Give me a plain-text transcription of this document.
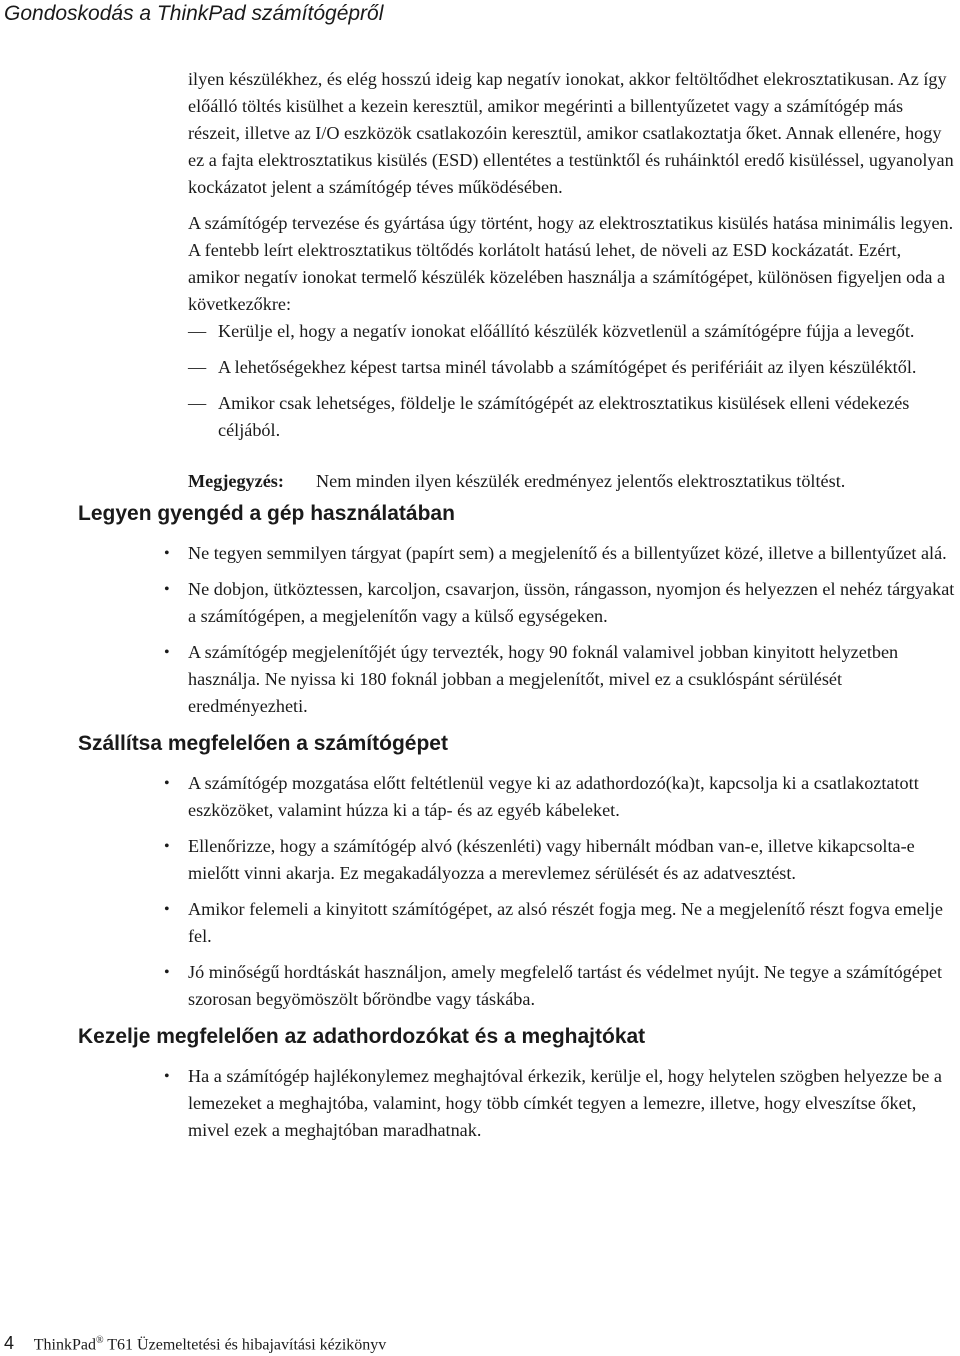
Gondoskodás a ThinkPad számítógépről

ilyen készülékhez, és elég hosszú ideig kap negatív ionokat, akkor feltöltődhet elekrosztatikusan. Az így előálló töltés kisülhet a kezein keresztül, amikor megérinti a billentyűzetet vagy a számítógép más részeit, illetve az I/O eszközök csatlakozóin keresztül, amikor csatlakoztatja őket. Annak ellenére, hogy ez a fajta elektrosztatikus kisülés (ESD) ellentétes a testünktől és ruháinktól eredő kisüléssel, ugyanolyan kockázatot jelent a számítógép téves működésében.

A számítógép tervezése és gyártása úgy történt, hogy az elektrosztatikus kisülés hatása minimális legyen. A fentebb leírt elektrosztatikus töltődés korlátolt hatású lehet, de növeli az ESD kockázatát. Ezért, amikor negatív ionokat termelő készülék közelében használja a számítógépet, különösen figyeljen oda a következőkre:

— Kerülje el, hogy a negatív ionokat előállító készülék közvetlenül a számítógépre fújja a levegőt.
— A lehetőségekhez képest tartsa minél távolabb a számítógépet és perifériáit az ilyen készüléktől.
— Amikor csak lehetséges, földelje le számítógépét az elektrosztatikus kisülések elleni védekezés céljából.
Megjegyzés:	Nem minden ilyen készülék eredményez jelentős elektrosztatikus töltést.
Legyen gyengéd a gép használatában
• Ne tegyen semmilyen tárgyat (papírt sem) a megjelenítő és a billentyűzet közé, illetve a billentyűzet alá.
• Ne dobjon, ütköztessen, karcoljon, csavarjon, üssön, rángasson, nyomjon és helyezzen el nehéz tárgyakat a számítógépen, a megjelenítőn vagy a külső egységeken.
• A számítógép megjelenítőjét úgy tervezték, hogy 90 foknál valamivel jobban kinyitott helyzetben használja. Ne nyissa ki 180 foknál jobban a megjelenítőt, mivel ez a csuklóspánt sérülését eredményezheti.
Szállítsa megfelelően a számítógépet
• A számítógép mozgatása előtt feltétlenül vegye ki az adathordozó(ka)t, kapcsolja ki a csatlakoztatott eszközöket, valamint húzza ki a táp- és az egyéb kábeleket.
• Ellenőrizze, hogy a számítógép alvó (készenléti) vagy hibernált módban van-e, illetve kikapcsolta-e mielőtt vinni akarja. Ez megakadályozza a merevlemez sérülését és az adatvesztést.
• Amikor felemeli a kinyitott számítógépet, az alsó részét fogja meg. Ne a megjelenítő részt fogva emelje fel.
• Jó minőségű hordtáskát használjon, amely megfelelő tartást és védelmet nyújt. Ne tegye a számítógépet szorosan begyömöszölt bőröndbe vagy táskába.
Kezelje megfelelően az adathordozókat és a meghajtókat
• Ha a számítógép hajlékonylemez meghajtóval érkezik, kerülje el, hogy helytelen szögben helyezze be a lemezeket a meghajtóba, valamint, hogy több címkét tegyen a lemezre, illetve, hogy elveszítse őket, mivel ezek a meghajtóban maradhatnak.
4 ThinkPad® T61 Üzemeltetési és hibajavítási kézikönyv
